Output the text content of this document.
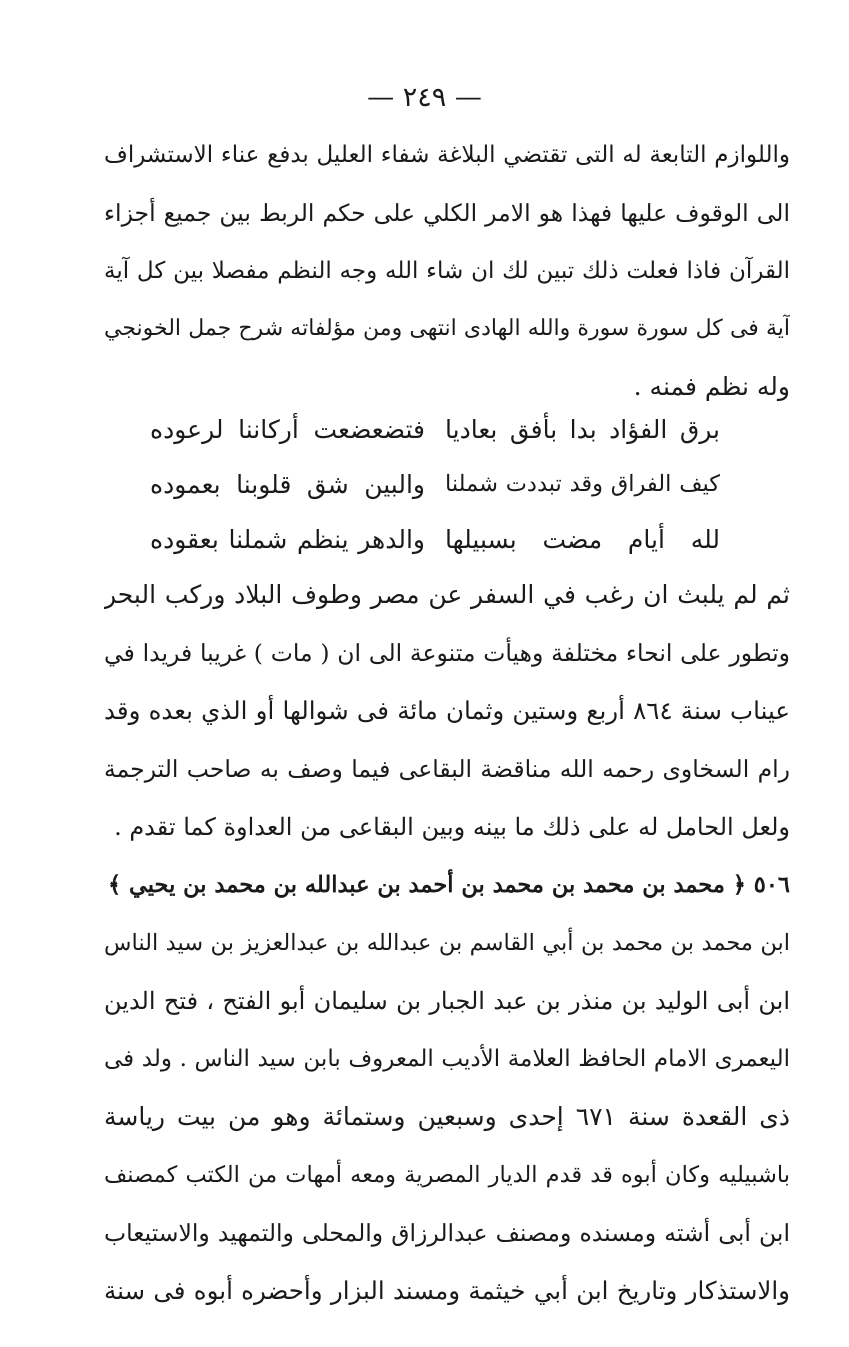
— ٢٤٩ —
واللوازم التابعة له التى تقتضي البلاغة شفاء العليل بدفع عناء الاستشراف
الى الوقوف عليها فهذا هو الامر الكلي على حكم الربط بين جميع أجزاء
القرآن فاذا فعلت ذلك تبين لك ان شاء الله وجه النظم مفصلا بين كل آية
آية فى كل سورة سورة والله الهادى انتهى ومن مؤلفاته شرح جمل الخونجي
وله نظم فمنه .
برق الفؤاد بدا بأفق بعاديا
فتضعضعت أركاننا لرعوده
كيف الفراق وقد تبددت شملنا
والبين شق قلوبنا بعموده
لله أيام مضت بسبيلها
والدهر ينظم شملنا بعقوده
ثم لم يلبث ان رغب في السفر عن مصر وطوف البلاد وركب البحر
وتطور على انحاء مختلفة وهيأت متنوعة الى ان ( مات ) غريبا فريدا في
عيناب سنة ٨٦٤ أربع وستين وثمان مائة فى شوالها أو الذي بعده وقد
رام السخاوى رحمه الله مناقضة البقاعى فيما وصف به صاحب الترجمة
ولعل الحامل له على ذلك ما بينه وبين البقاعى من العداوة كما تقدم .
٥٠٦ ﴿ محمد بن محمد بن محمد بن أحمد بن عبدالله بن محمد بن يحيي ﴾
ابن محمد بن محمد بن أبي القاسم بن عبدالله بن عبدالعزيز بن سيد الناس
ابن أبى الوليد بن منذر بن عبد الجبار بن سليمان أبو الفتح ، فتح الدين
اليعمرى الامام الحافظ العلامة الأديب المعروف بابن سيد الناس . ولد فى
ذى القعدة سنة ٦٧١ إحدى وسبعين وستمائة وهو من بيت رياسة
باشبيليه وكان أبوه قد قدم الديار المصرية ومعه أمهات من الكتب كمصنف
ابن أبى أشته ومسنده ومصنف عبدالرزاق والمحلى والتمهيد والاستيعاب
والاستذكار وتاريخ ابن أبي خيثمة ومسند البزار وأحضره أبوه فى سنة
